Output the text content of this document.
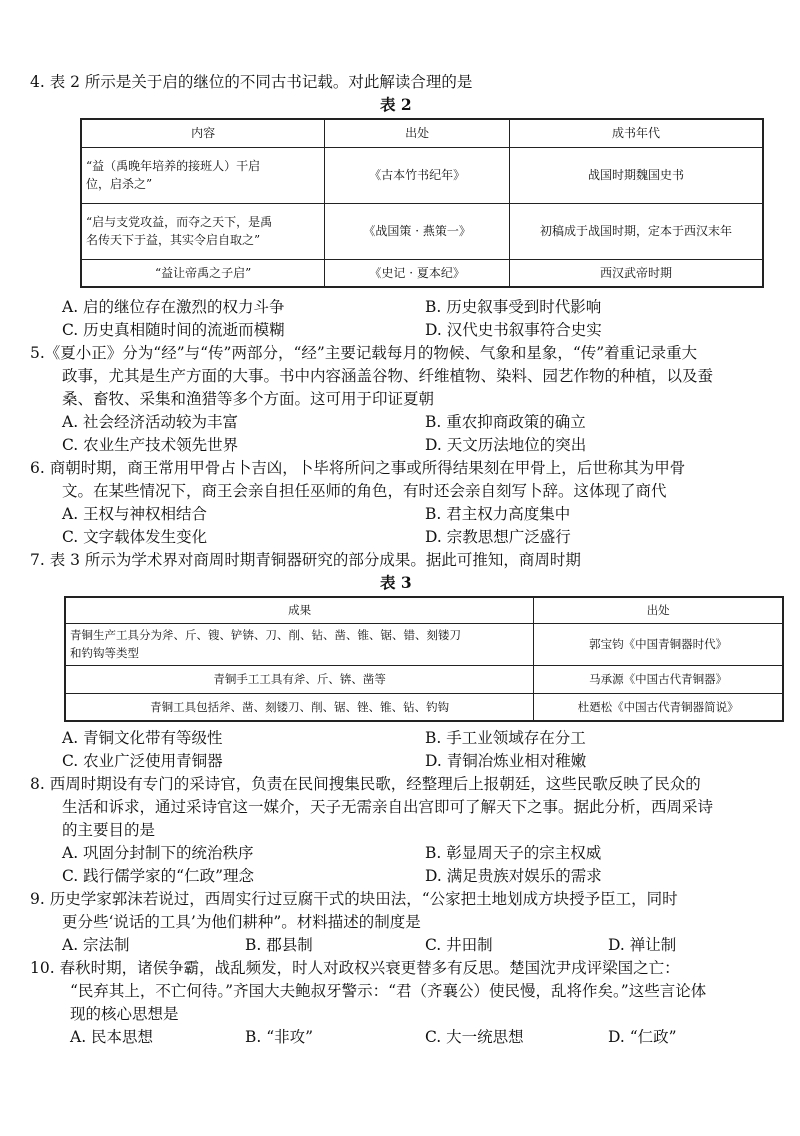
4. 表 2 所示是关于启的继位的不同古书记载。对此解读合理的是
表 2
内容	出处	成书年代

“益（禹晚年培养的接班人）干启
位，启杀之”	《古本竹书纪年》	战国时期魏国史书

“启与支党攻益，而夺之天下，是禹
名传天下于益，其实令启自取之”	《战国策 · 燕策一》	初稿成于战国时期，定本于西汉末年
“益让帝禹之子启”	《史记 · 夏本纪》	西汉武帝时期
A. 启的继位存在激烈的权力斗争	B. 历史叙事受到时代影响
C. 历史真相随时间的流逝而模糊	D. 汉代史书叙事符合史实
5.《夏小正》分为“经”与“传”两部分，“经”主要记载每月的物候、气象和星象，“传”着重记录重大
政事，尤其是生产方面的大事。书中内容涵盖谷物、纤维植物、染料、园艺作物的种植，以及蚕
桑、畜牧、采集和渔猎等多个方面。这可用于印证夏朝
A. 社会经济活动较为丰富	B. 重农抑商政策的确立
C. 农业生产技术领先世界	D. 天文历法地位的突出
6. 商朝时期，商王常用甲骨占卜吉凶，卜毕将所问之事或所得结果刻在甲骨上，后世称其为甲骨
文。在某些情况下，商王会亲自担任巫师的角色，有时还会亲自刻写卜辞。这体现了商代
A. 王权与神权相结合	B. 君主权力高度集中
C. 文字载体发生变化	D. 宗教思想广泛盛行
7. 表 3 所示为学术界对商周时期青铜器研究的部分成果。据此可推知，商周时期
表 3
成果	出处

青铜生产工具分为斧、斤、锼、铲锛、刀、削、钻、凿、锥、锯、错、刻镂刀
和钓钩等类型	郭宝钧《中国青铜器时代》
青铜手工工具有斧、斤、锛、凿等	马承源《中国古代青铜器》
青铜工具包括斧、凿、刻镂刀、削、锯、锉、锥、钻、钓钩	杜廼松《中国古代青铜器简说》
A. 青铜文化带有等级性	B. 手工业领域存在分工
C. 农业广泛使用青铜器	D. 青铜冶炼业相对稚嫩
8. 西周时期设有专门的采诗官，负责在民间搜集民歌，经整理后上报朝廷，这些民歌反映了民众的
生活和诉求，通过采诗官这一媒介，天子无需亲自出宫即可了解天下之事。据此分析，西周采诗
的主要目的是
A. 巩固分封制下的统治秩序	B. 彰显周天子的宗主权威
C. 践行儒学家的“仁政”理念	D. 满足贵族对娱乐的需求
9. 历史学家郭沫若说过，西周实行过豆腐干式的块田法，“公家把土地划成方块授予臣工，同时
更分些‘说话的工具’为他们耕种”。材料描述的制度是
A. 宗法制	B. 郡县制	C. 井田制	D. 禅让制
10. 春秋时期，诸侯争霸，战乱频发，时人对政权兴衰更替多有反思。楚国沈尹戌评梁国之亡：
“民弃其上，不亡何待。”齐国大夫鲍叔牙警示：“君（齐襄公）使民慢，乱将作矣。”这些言论体
现的核心思想是
A. 民本思想	B. “非攻”	C. 大一统思想	D. “仁政”
